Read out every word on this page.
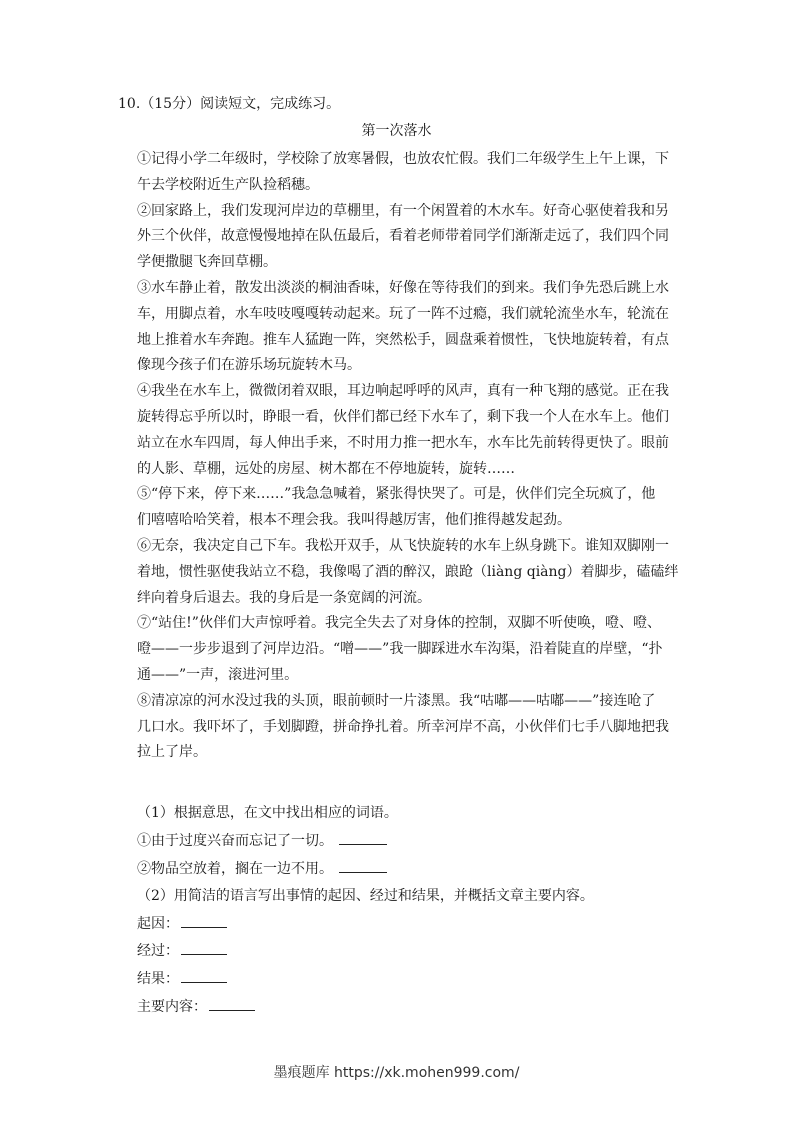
10.（15分）阅读短文，完成练习。
第一次落水
①记得小学二年级时，学校除了放寒暑假，也放农忙假。我们二年级学生上午上课，下
午去学校附近生产队捡稻穗。
②回家路上，我们发现河岸边的草棚里，有一个闲置着的木水车。好奇心驱使着我和另
外三个伙伴，故意慢慢地掉在队伍最后，看着老师带着同学们渐渐走远了，我们四个同
学便撒腿飞奔回草棚。
③水车静止着，散发出淡淡的桐油香味，好像在等待我们的到来。我们争先恐后跳上水
车，用脚点着，水车吱吱嘎嘎转动起来。玩了一阵不过瘾，我们就轮流坐水车，轮流在
地上推着水车奔跑。推车人猛跑一阵，突然松手，圆盘乘着惯性，飞快地旋转着，有点
像现今孩子们在游乐场玩旋转木马。
④我坐在水车上，微微闭着双眼，耳边响起呼呼的风声，真有一种飞翔的感觉。正在我
旋转得忘乎所以时，睁眼一看，伙伴们都已经下水车了，剩下我一个人在水车上。他们
站立在水车四周，每人伸出手来，不时用力推一把水车，水车比先前转得更快了。眼前
的人影、草棚，远处的房屋、树木都在不停地旋转，旋转……
⑤“停下来，停下来……”我急急喊着，紧张得快哭了。可是，伙伴们完全玩疯了，他
们嘻嘻哈哈笑着，根本不理会我。我叫得越厉害，他们推得越发起劲。
⑥无奈，我决定自己下车。我松开双手，从飞快旋转的水车上纵身跳下。谁知双脚刚一
着地，惯性驱使我站立不稳，我像喝了酒的醉汉，踉跄（liàng qiàng）着脚步，磕磕绊
绊向着身后退去。我的身后是一条宽阔的河流。
⑦“站住!”伙伴们大声惊呼着。我完全失去了对身体的控制，双脚不听使唤，噔、噔、
噔——一步步退到了河岸边沿。“噌——”我一脚踩进水车沟渠，沿着陡直的岸壁，“扑
通——”一声，滚进河里。
⑧清凉凉的河水没过我的头顶，眼前顿时一片漆黑。我“咕嘟——咕嘟——”接连呛了
几口水。我吓坏了，手划脚蹬，拼命挣扎着。所幸河岸不高，小伙伴们七手八脚地把我
拉上了岸。
（1）根据意思，在文中找出相应的词语。
①由于过度兴奋而忘记了一切。
②物品空放着，搁在一边不用。
（2）用简洁的语言写出事情的起因、经过和结果，并概括文章主要内容。
起因：
经过：
结果：
主要内容：
墨痕题库 https://xk.mohen999.com/
